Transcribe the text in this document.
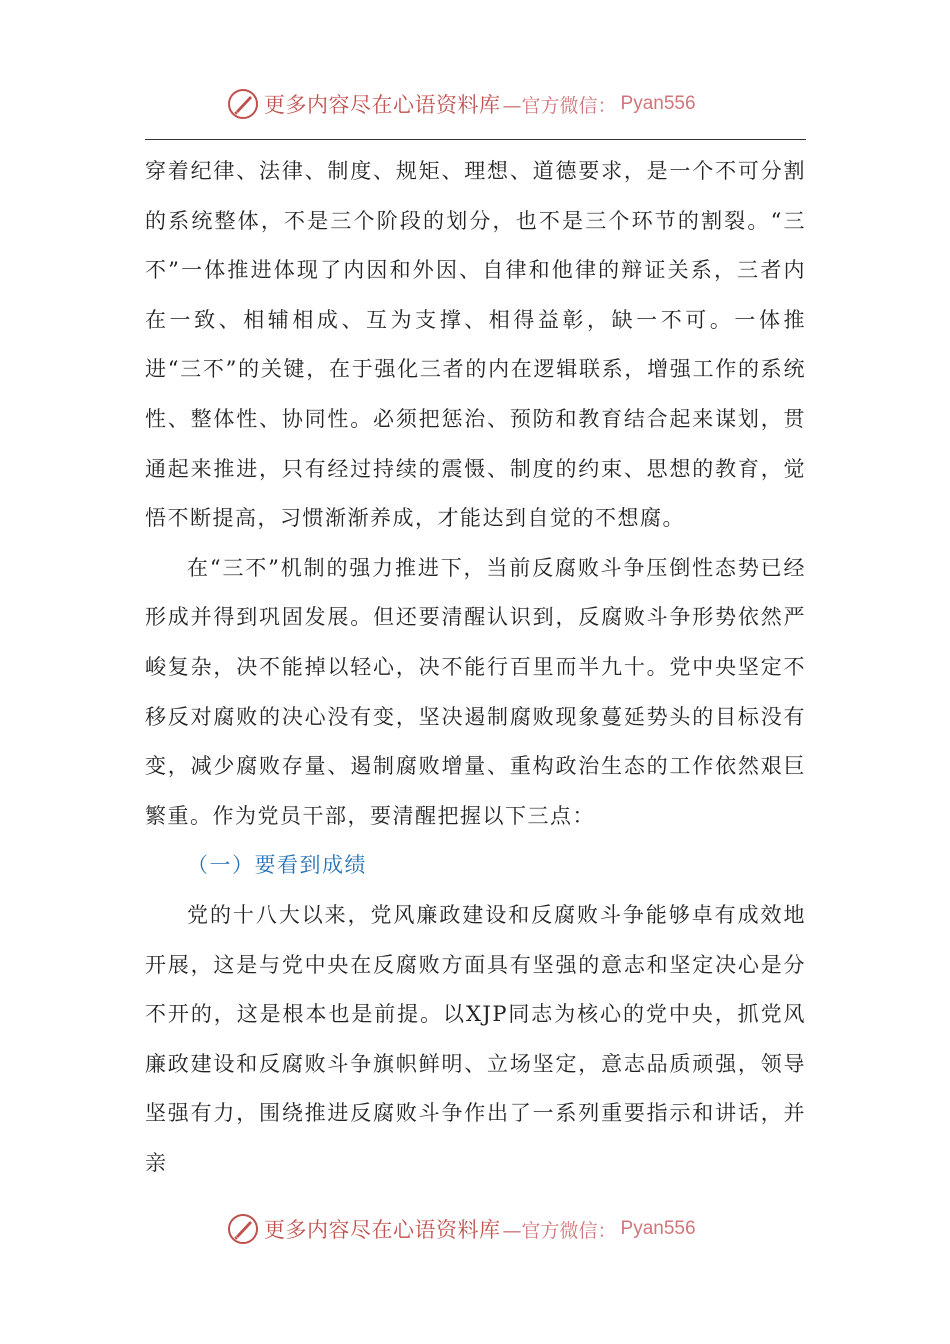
更多内容尽在心语资料库 —官方微信： Pyan556

穿着纪律、法律、制度、规矩、理想、道德要求，是一个不可分割的系统整体，不是三个阶段的划分，也不是三个环节的割裂。“三不”一体推进体现了内因和外因、自律和他律的辩证关系，三者内在一致、相辅相成、互为支撑、相得益彰，缺一不可。一体推进“三不”的关键，在于强化三者的内在逻辑联系，增强工作的系统性、整体性、协同性。必须把惩治、预防和教育结合起来谋划，贯通起来推进，只有经过持续的震慑、制度的约束、思想的教育，觉悟不断提高，习惯渐渐养成，才能达到自觉的不想腐。

在“三不”机制的强力推进下，当前反腐败斗争压倒性态势已经形成并得到巩固发展。但还要清醒认识到，反腐败斗争形势依然严峻复杂，决不能掉以轻心，决不能行百里而半九十。党中央坚定不移反对腐败的决心没有变，坚决遏制腐败现象蔓延势头的目标没有变，减少腐败存量、遏制腐败增量、重构政治生态的工作依然艰巨繁重。作为党员干部，要清醒把握以下三点：

（一）要看到成绩

党的十八大以来，党风廉政建设和反腐败斗争能够卓有成效地开展，这是与党中央在反腐败方面具有坚强的意志和坚定决心是分不开的，这是根本也是前提。以XJP同志为核心的党中央，抓党风廉政建设和反腐败斗争旗帜鲜明、立场坚定，意志品质顽强，领导坚强有力，围绕推进反腐败斗争作出了一系列重要指示和讲话，并亲

更多内容尽在心语资料库 —官方微信： Pyan556
